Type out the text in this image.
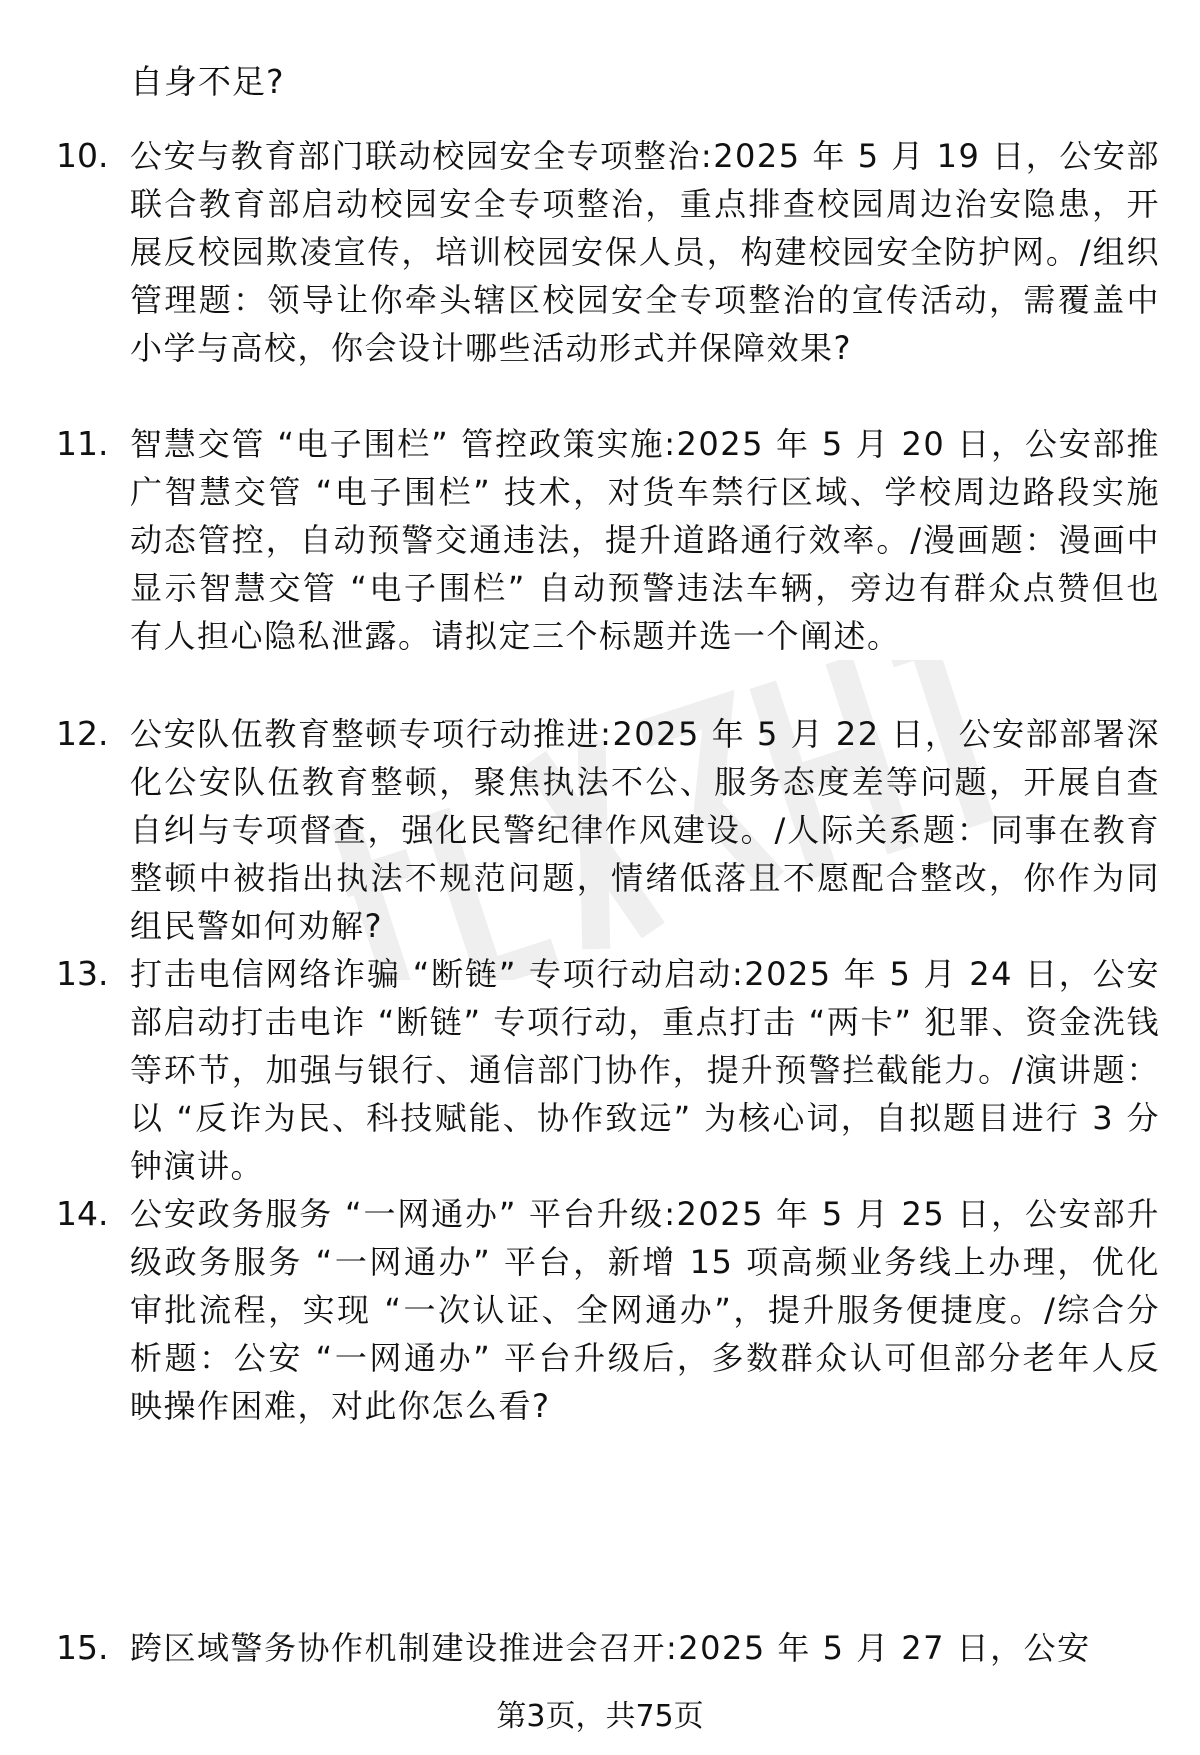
自身不足?
10. 公安与教育部门联动校园安全专项整治:2025 年 5 月 19 日，公安部联合教育部启动校园安全专项整治，重点排查校园周边治安隐患，开展反校园欺凌宣传，培训校园安保人员，构建校园安全防护网。/组织管理题：领导让你牵头辖区校园安全专项整治的宣传活动，需覆盖中小学与高校，你会设计哪些活动形式并保障效果?
11. 智慧交管 “电子围栏” 管控政策实施:2025 年 5 月 20 日，公安部推广智慧交管 “电子围栏” 技术，对货车禁行区域、学校周边路段实施动态管控，自动预警交通违法，提升道路通行效率。/漫画题：漫画中显示智慧交管 “电子围栏” 自动预警违法车辆，旁边有群众点赞但也有人担心隐私泄露。请拟定三个标题并选一个阐述。
12. 公安队伍教育整顿专项行动推进:2025 年 5 月 22 日，公安部部署深化公安队伍教育整顿，聚焦执法不公、服务态度差等问题，开展自查自纠与专项督查，强化民警纪律作风建设。/人际关系题：同事在教育整顿中被指出执法不规范问题，情绪低落且不愿配合整改，你作为同组民警如何劝解?
13. 打击电信网络诈骗 “断链” 专项行动启动:2025 年 5 月 24 日，公安部启动打击电诈 “断链” 专项行动，重点打击 “两卡” 犯罪、资金洗钱等环节，加强与银行、通信部门协作，提升预警拦截能力。/演讲题：以 “反诈为民、科技赋能、协作致远” 为核心词，自拟题目进行 3 分钟演讲。
14. 公安政务服务 “一网通办” 平台升级:2025 年 5 月 25 日，公安部升级政务服务 “一网通办” 平台，新增 15 项高频业务线上办理，优化审批流程，实现 “一次认证、全网通办”，提升服务便捷度。/综合分析题：公安 “一网通办” 平台升级后，多数群众认可但部分老年人反映操作困难，对此你怎么看?
15. 跨区域警务协作机制建设推进会召开:2025 年 5 月 27 日，公安
第3页，共75页
